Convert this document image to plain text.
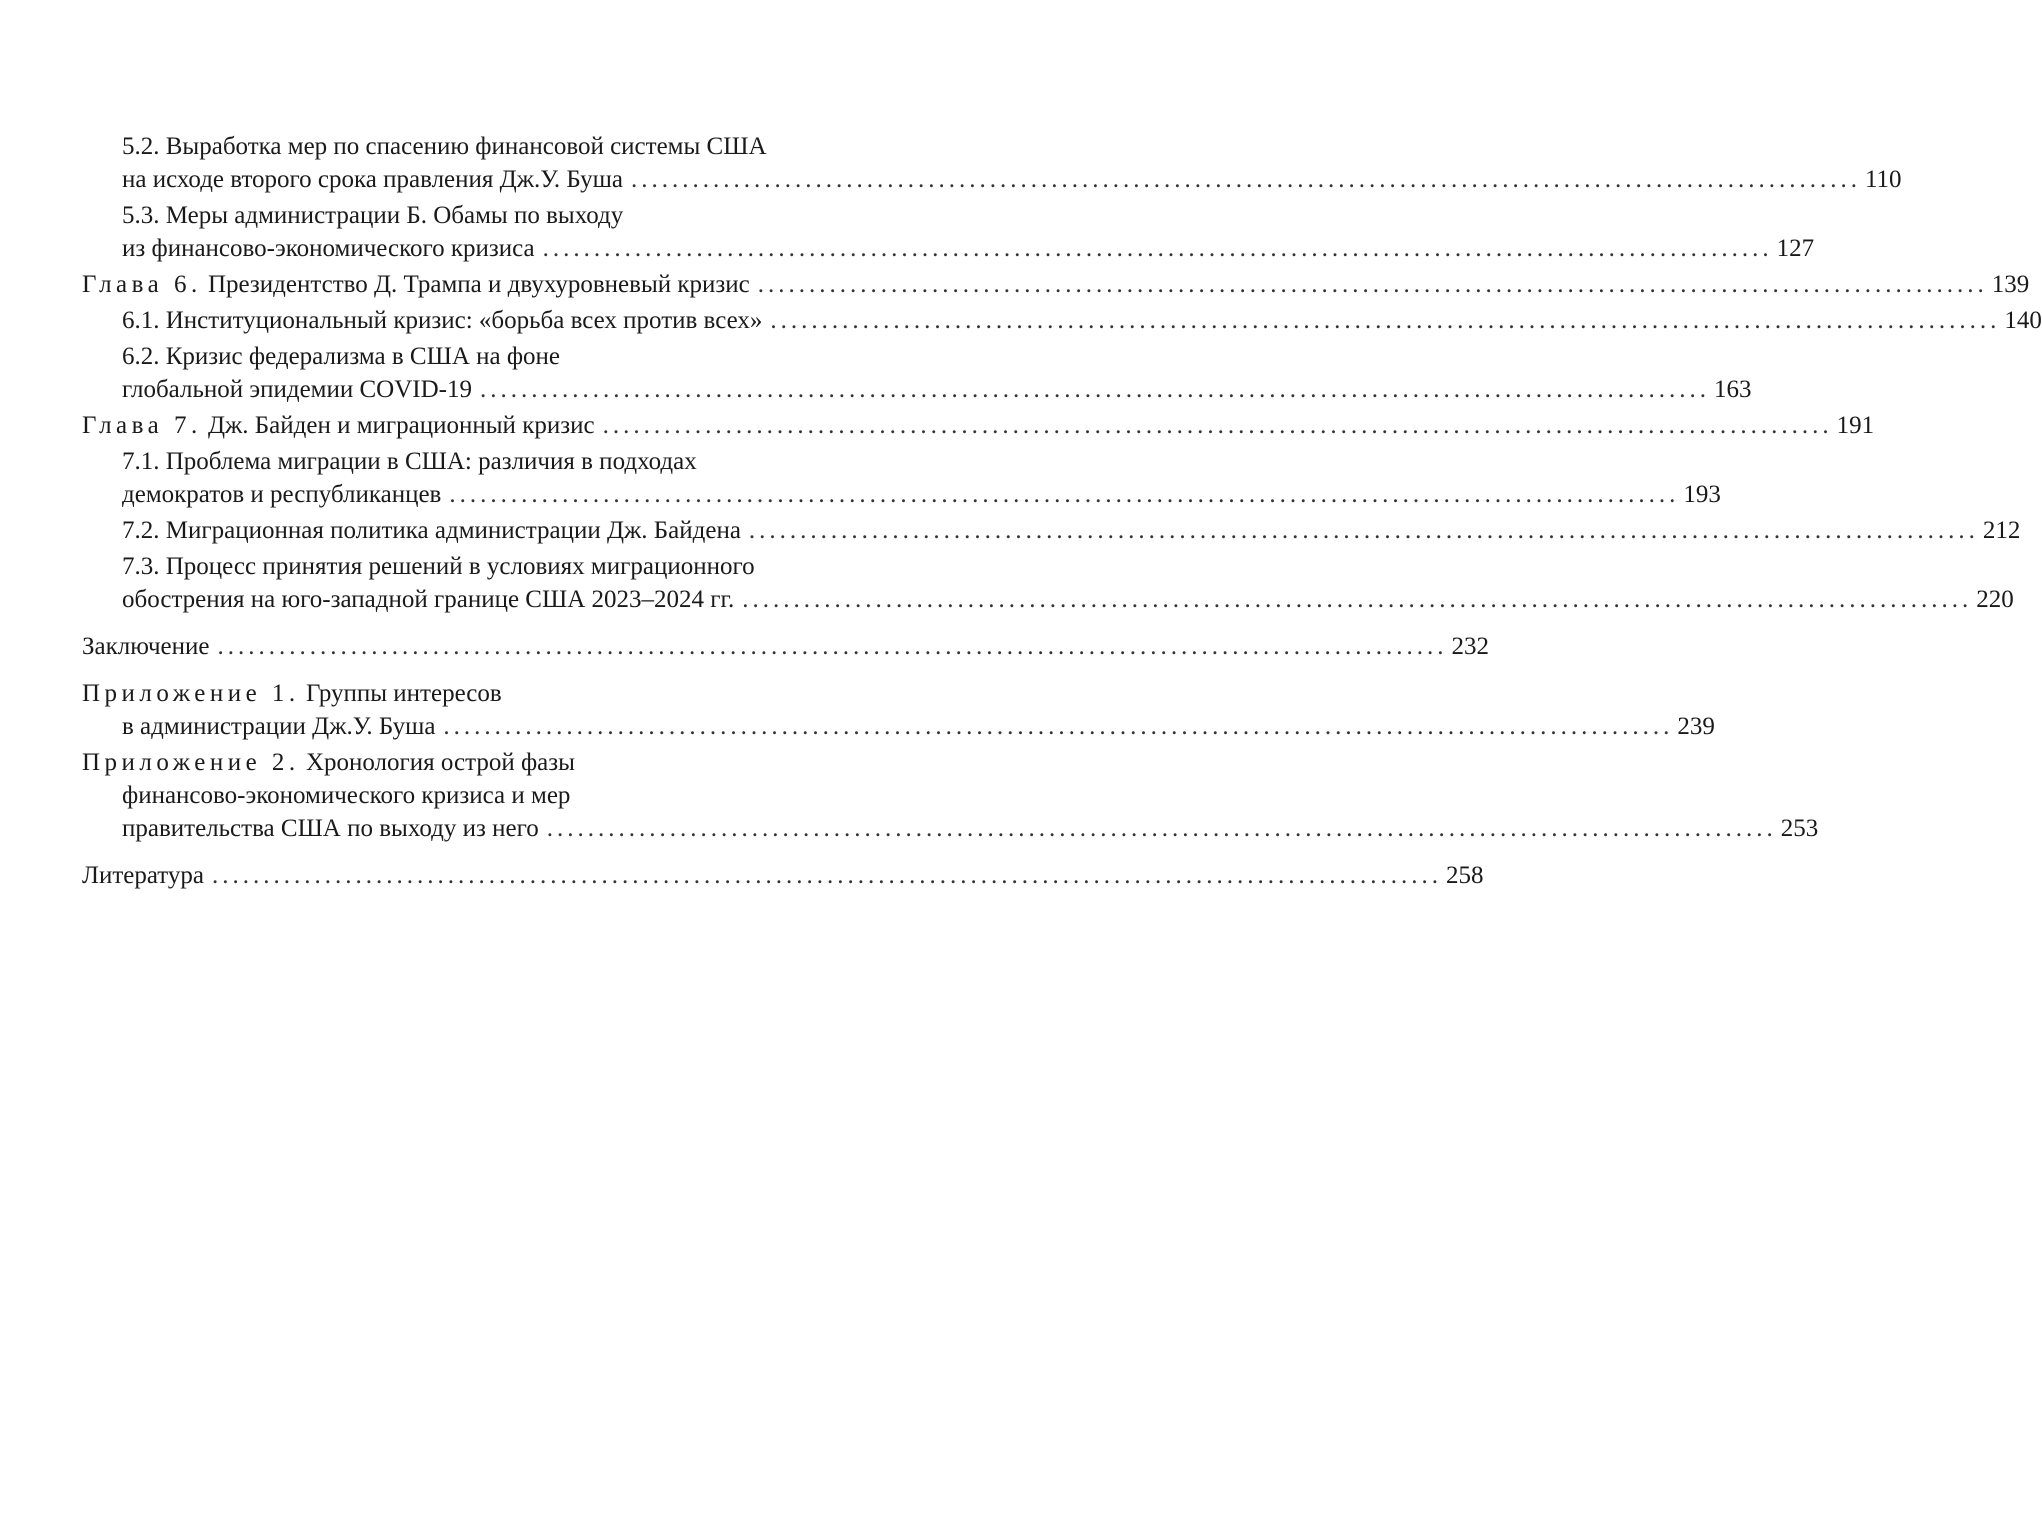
5.2. Выработка мер по спасению финансовой системы США
на исходе второго срока правления Дж.У. Буша ........................................................................................................................ 110
5.3. Меры администрации Б. Обамы по выходу
из финансово-экономического кризиса ........................................................................................................................ 127
Глава 6. Президентство Д. Трампа и двухуровневый кризис ........................................................................................................................ 139
6.1. Институциональный кризис: «борьба всех против всех» ........................................................................................................................ 140
6.2. Кризис федерализма в США на фоне
глобальной эпидемии COVID-19 ........................................................................................................................ 163
Глава 7. Дж. Байден и миграционный кризис ........................................................................................................................ 191
7.1. Проблема миграции в США: различия в подходах
демократов и республиканцев ........................................................................................................................ 193
7.2. Миграционная политика администрации Дж. Байдена ........................................................................................................................ 212
7.3. Процесс принятия решений в условиях миграционного
обострения на юго-западной границе США 2023–2024 гг. ........................................................................................................................ 220
Заключение ........................................................................................................................ 232
Приложение 1. Группы интересов
в администрации Дж.У. Буша ........................................................................................................................ 239
Приложение 2. Хронология острой фазы
финансово-экономического кризиса и мер
правительства США по выходу из него ........................................................................................................................ 253
Литература ........................................................................................................................ 258
